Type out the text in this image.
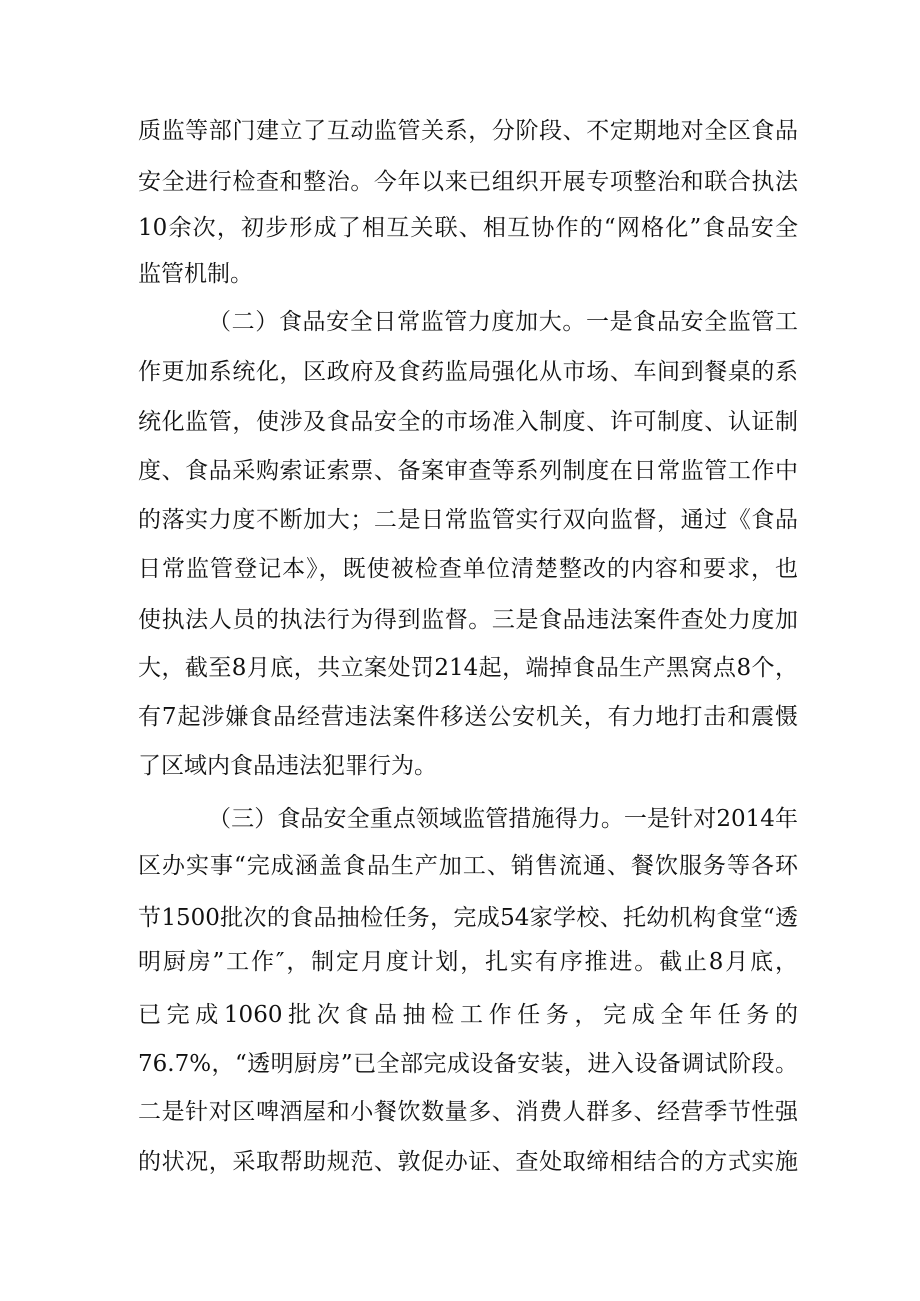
质监等部门建立了互动监管关系，分阶段、不定期地对全区食品
安全进行检查和整治。今年以来已组织开展专项整治和联合执法
10余次，初步形成了相互关联、相互协作的“网格化”食品安全
监管机制。
（二）食品安全日常监管力度加大。一是食品安全监管工
作更加系统化，区政府及食药监局强化从市场、车间到餐桌的系
统化监管，使涉及食品安全的市场准入制度、许可制度、认证制
度、食品采购索证索票、备案审查等系列制度在日常监管工作中
的落实力度不断加大；二是日常监管实行双向监督，通过《食品
日常监管登记本》，既使被检查单位清楚整改的内容和要求，也
使执法人员的执法行为得到监督。三是食品违法案件查处力度加
大，截至8月底，共立案处罚214起，端掉食品生产黑窝点8个，
有7起涉嫌食品经营违法案件移送公安机关，有力地打击和震慑
了区域内食品违法犯罪行为。
（三）食品安全重点领域监管措施得力。一是针对2014年
区办实事“完成涵盖食品生产加工、销售流通、餐饮服务等各环
节1500批次的食品抽检任务，完成54家学校、托幼机构食堂“透
明厨房”工作″，制定月度计划，扎实有序推进。截止8月底，
已完成1060批次食品抽检工作任务，完成全年任务的
76.7%，“透明厨房”已全部完成设备安装，进入设备调试阶段。
二是针对区啤酒屋和小餐饮数量多、消费人群多、经营季节性强
的状况，采取帮助规范、敦促办证、查处取缔相结合的方式实施
